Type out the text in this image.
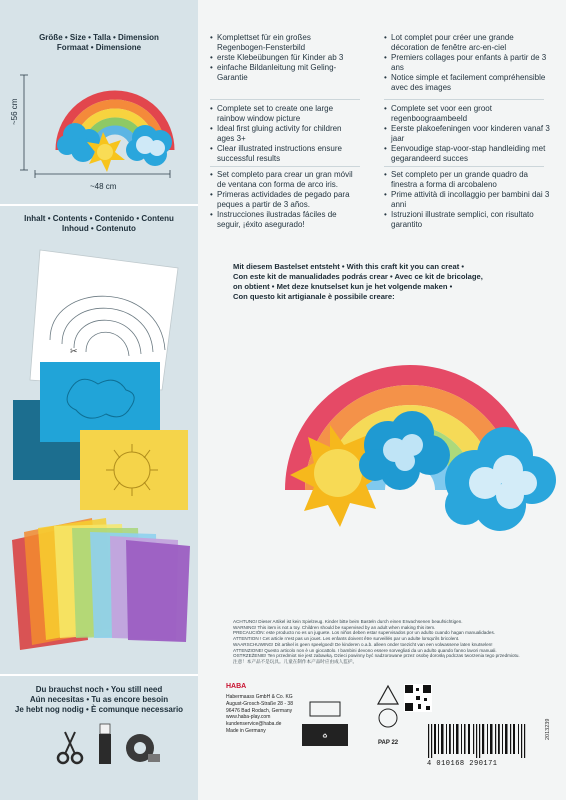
Größe • Size • Talla • Dimension
Formaat • Dimensione
~56 cm
~48 cm
Inhalt • Contents • Contenido • Contenu
Inhoud • Contenuto
✂
Du brauchst noch • You still need
Aún necesitas • Tu as encore besoin
Je hebt nog nodig • È comunque necessario
• Komplettset für ein großes Regenbogen-Fensterbild
• erste Klebeübungen für Kinder ab 3
• einfache Bildanleitung mit Geling-Garantie
• Lot complet pour créer une grande décoration de fenêtre arc-en-ciel
• Premiers collages pour enfants à partir de 3 ans
• Notice simple et facilement compréhensible avec des images
• Complete set to create one large rainbow window picture
• Ideal first gluing activity for children ages 3+
• Clear illustrated instructions ensure successful results
• Complete set voor een groot regenboograambeeld
• Eerste plakoefeningen voor kinderen vanaf 3 jaar
• Eenvoudige stap-voor-stap handleiding met gegarandeerd succes
• Set completo para crear un gran móvil de ventana con forma de arco iris.
• Primeras actividades de pegado para peques a partir de 3 años.
• Instrucciones ilustradas fáciles de seguir, ¡éxito asegurado!
• Set completo per un grande quadro da finestra a forma di arcobaleno
• Prime attività di incollaggio per bambini dai 3 anni
• Istruzioni illustrate semplici, con risultato garantito
Mit diesem Bastelset entsteht • With this craft kit you can creat •
Con este kit de manualidades podrás crear • Avec ce kit de bricolage,
on obtient • Met deze knutselset kun je het volgende maken •
Con questo kit artigianale è possibile creare:
ACHTUNG! Dieser Artikel ist kein Spielzeug. Kinder bitte beim Basteln durch einen Erwachsenen beaufsichtigen.
WARNING! This item is not a toy. Children should be supervised by an adult when making this item.
PRECAUCIÓN: este producto no es un juguete. Los niños deben estar supervisados por un adulto cuando hagan manualidades.
ATTENTION ! Cet article n'est pas un jouet. Les enfants doivent être surveillés par un adulte lorsqu'ils bricolent.
WAARSCHUWING! Dit artikel is geen speelgoed! De kinderen o.a.b. alleen onder toezicht van een volwassene laten knutselen!
ATTENZIONE! Questo articolo non è un giocattolo. I bambini devono essere sorvegliati da un adulto quando fanno lavori manuali.
OSTRZEŻENIE! Ten przedmiot nie jest zabawką. Dzieci powinny być nadzorowane przez osobę dorosłą podczas tworzenia tego przedmiotu.
注意！本产品不是玩具。儿童在制作本产品时应由成人监护。
HABA
Habermaass GmbH & Co. KG
August-Grosch-Straße 28 - 38
96476 Bad Rodach, Germany
www.haba-play.com
kundenservice@haba.de
Made in Germany
♻
PAP 22
4 010168 290171
2013239
